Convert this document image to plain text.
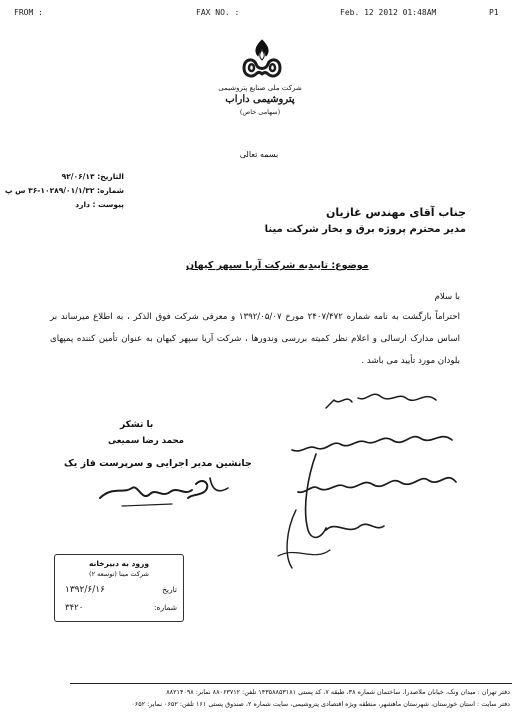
FROM :	FAX NO. :	Feb. 12 2012 01:48AM	P1
شرکت ملی صنایع پتروشیمی
پتروشیمی داراب
(سهامی خاص)
بسمه تعالی
التاریخ: ۹۲/۰۶/۱۳
شماره: ۱۰۲۸۹/۰۱/۱/۳۲-۳۶ س پ
پیوست : دارد
جناب آقای مهندس غازیان
مدیر محترم پروژه برق و بخار شرکت مینا
موضوع: تاییدیه شرکت آریا سپهر کیهان
با سلام
احتراماً بازگشت به نامه شماره ۲۴۰۷/۴۷۲ مورخ ۱۳۹۲/۰۵/۰۷ و معرفی شرکت فوق الذکر ، به اطلاع میرساند بر اساس مدارک ارسالی و اعلام نظر کمیته بررسی وندورها ، شرکت آریا سپهر کیهان به عنوان تأمین کننده پمپهای بلودان مورد تأیید می باشد .
با تشکر
محمد رضا سمیعی
جانشین مدیر اجرایی و سرپرست فاز یک
ورود به دبیرخانه
شرکت مینا (توسعه ۲)
تاریخ
۱۳۹۲/۶/۱۶
شماره:
۳۴۲۰
دفتر تهران : میدان ونک، خیابان ملاصدرا، ساختمان شماره ۳۸، طبقه ۷، کد پستی ۱۴۳۵۸۸۵۳۱۸۱ تلفن: ۸۸۰۶۳۷۱۲ نمابر: ۸۸۲۱۴۰۹۸
دفتر سایت : استان خوزستان، شهرستان ماهشهر، منطقه ویژه اقتصادی پتروشیمی، سایت شماره ۲، صندوق پستی ۱۶۱ تلفن: ۰۶۵۲ نمابر: ۰۶۵۲
